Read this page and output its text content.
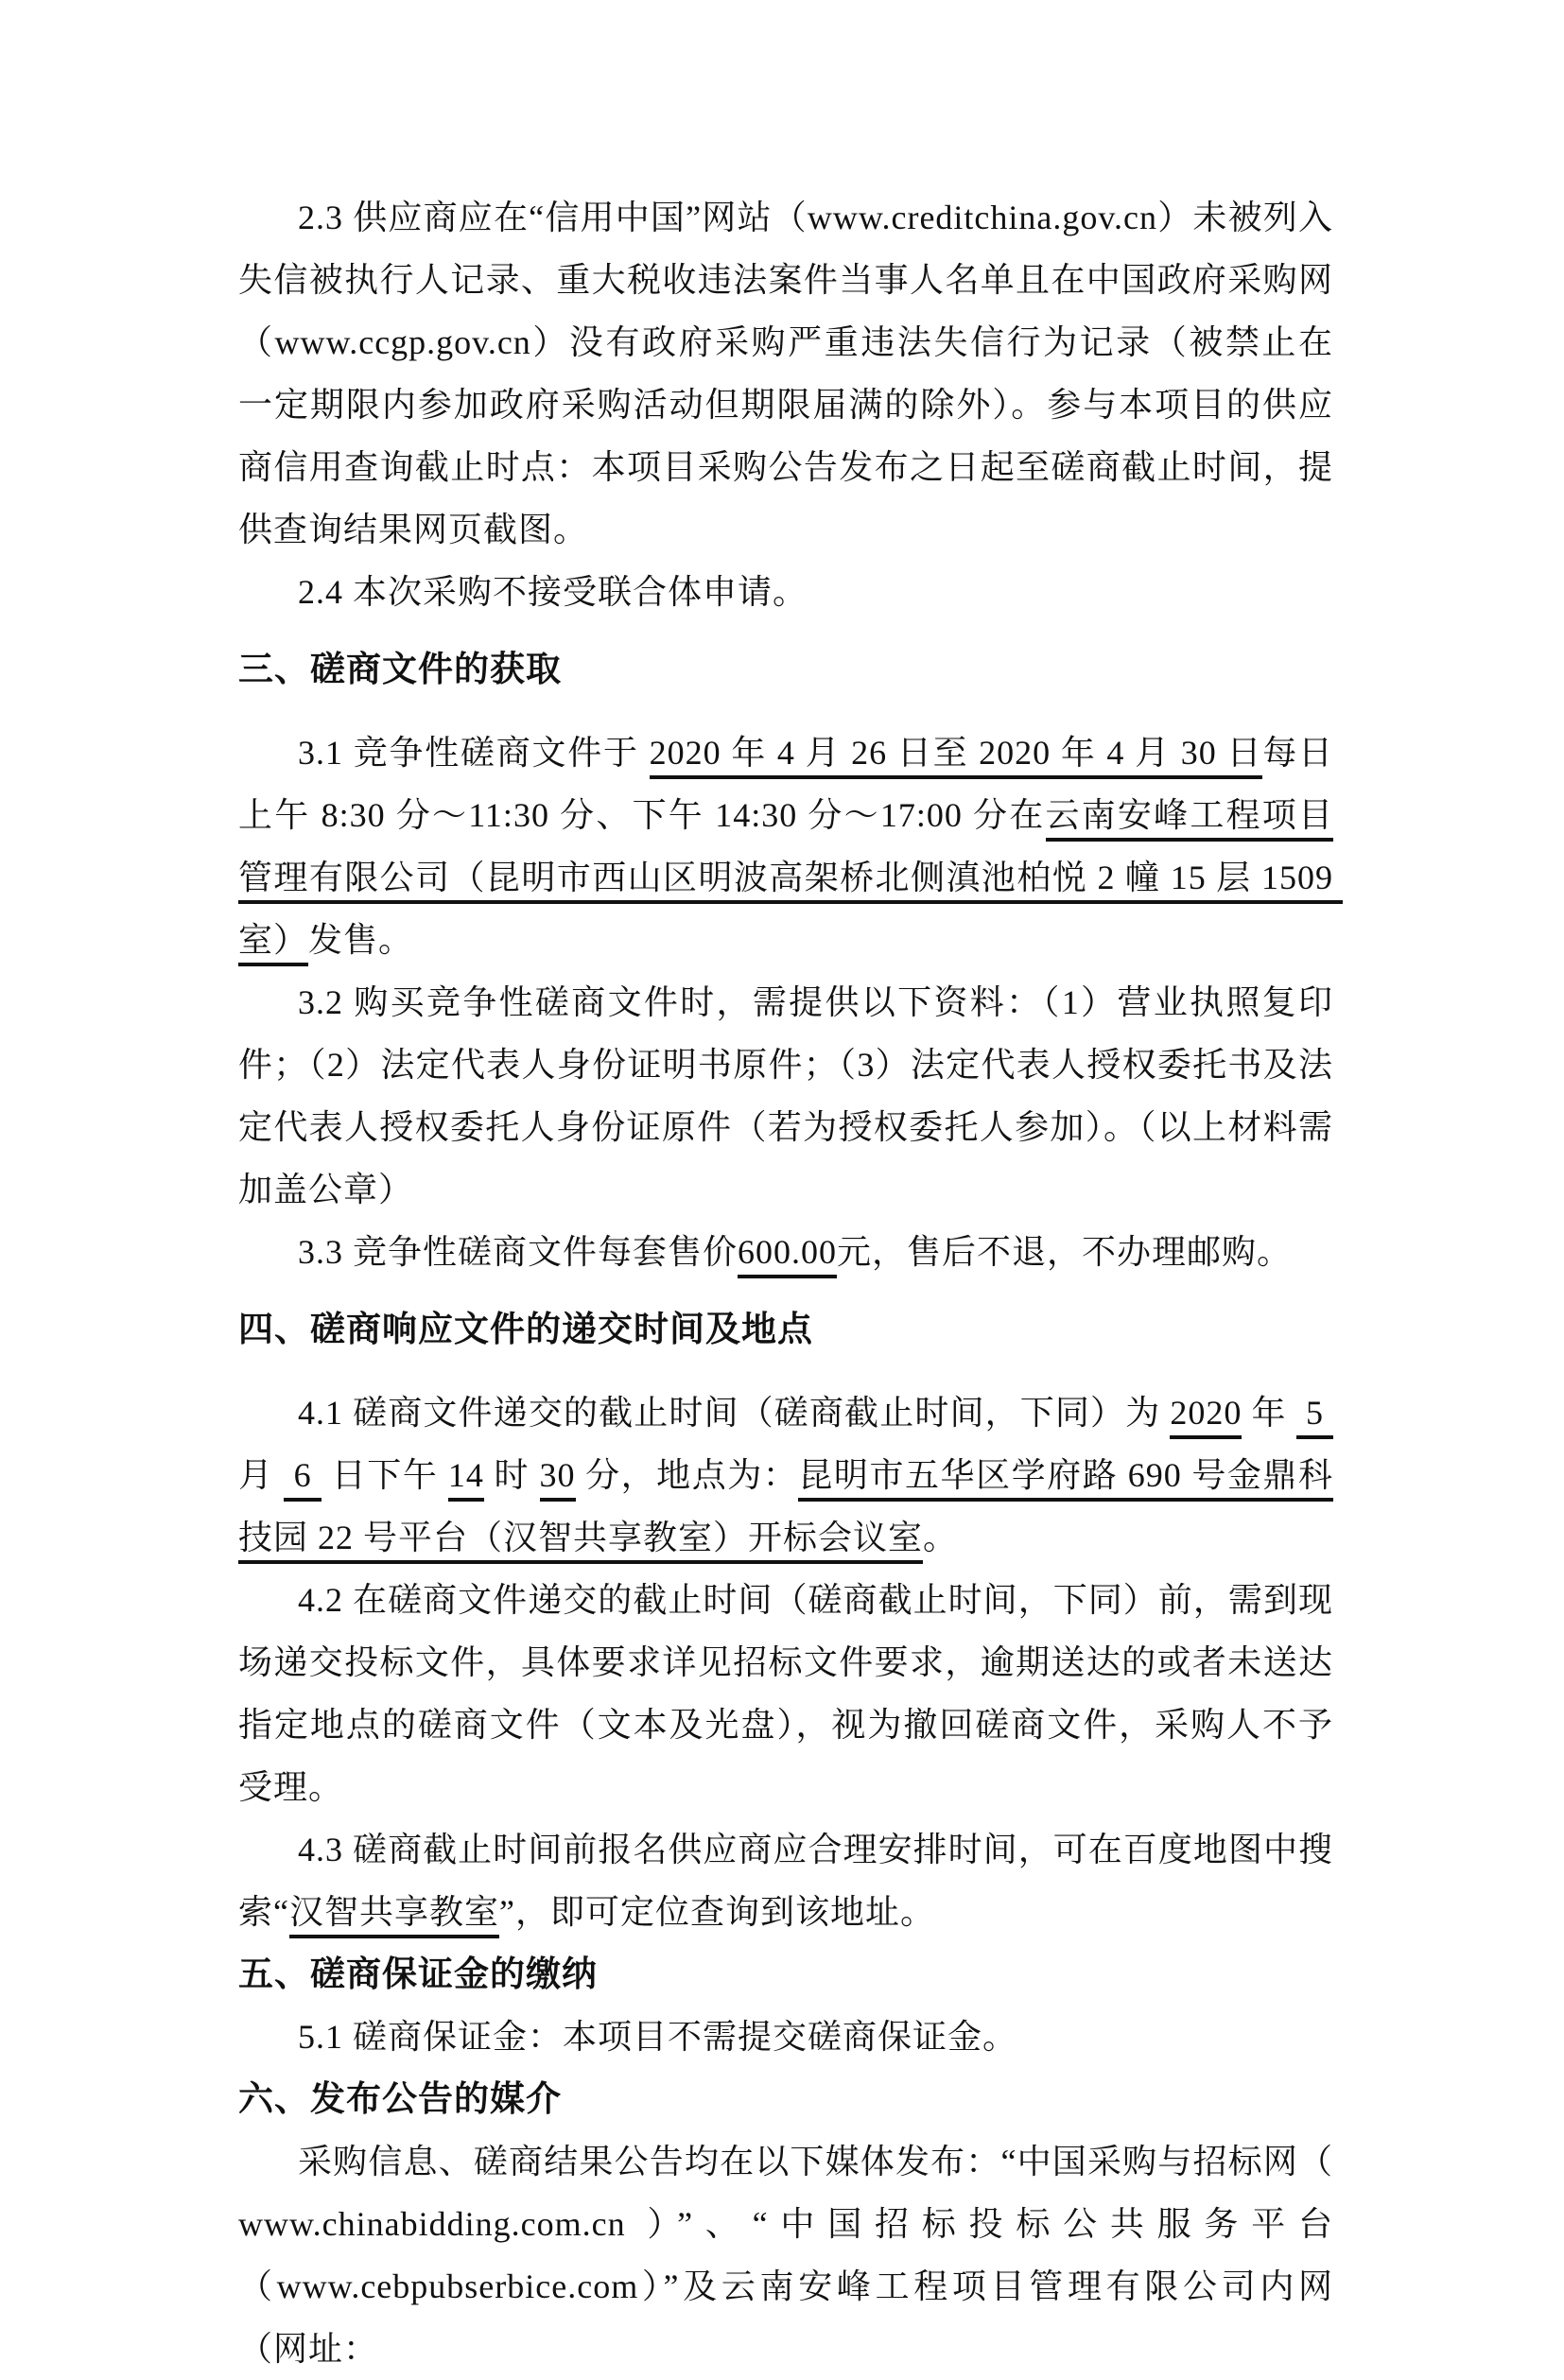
2.3 供应商应在“信用中国”网站（www.creditchina.gov.cn）未被列入失信被执行人记录、重大税收违法案件当事人名单且在中国政府采购网（www.ccgp.gov.cn）没有政府采购严重违法失信行为记录（被禁止在一定期限内参加政府采购活动但期限届满的除外）。参与本项目的供应商信用查询截止时点：本项目采购公告发布之日起至磋商截止时间，提供查询结果网页截图。

2.4 本次采购不接受联合体申请。

三、磋商文件的获取

3.1 竞争性磋商文件于 2020 年 4 月 26 日至 2020 年 4 月 30 日每日上午 8:30 分～11:30 分、下午 14:30 分～17:00 分在云南安峰工程项目管理有限公司（昆明市西山区明波高架桥北侧滇池柏悦 2 幢 15 层 1509 室）发售。

3.2 购买竞争性磋商文件时，需提供以下资料：（1）营业执照复印件；（2）法定代表人身份证明书原件；（3）法定代表人授权委托书及法定代表人授权委托人身份证原件（若为授权委托人参加）。（以上材料需加盖公章）

3.3 竞争性磋商文件每套售价600.00元，售后不退，不办理邮购。

四、磋商响应文件的递交时间及地点

4.1 磋商文件递交的截止时间（磋商截止时间，下同）为 2020 年  5  月  6  日下午 14 时 30 分，地点为：昆明市五华区学府路 690 号金鼎科技园 22 号平台（汉智共享教室）开标会议室。

4.2 在磋商文件递交的截止时间（磋商截止时间，下同）前，需到现场递交投标文件，具体要求详见招标文件要求，逾期送达的或者未送达指定地点的磋商文件（文本及光盘），视为撤回磋商文件，采购人不予受理。

4.3 磋商截止时间前报名供应商应合理安排时间，可在百度地图中搜索“汉智共享教室”，即可定位查询到该地址。

五、磋商保证金的缴纳

5.1 磋商保证金：本项目不需提交磋商保证金。

六、发布公告的媒介

采购信息、磋商结果公告均在以下媒体发布：“中国采购与招标网（ www.chinabidding.com.cn ）”、“中国招标投标公共服务平台（www.cebpubserbice.com）”及云南安峰工程项目管理有限公司内网（网址：
